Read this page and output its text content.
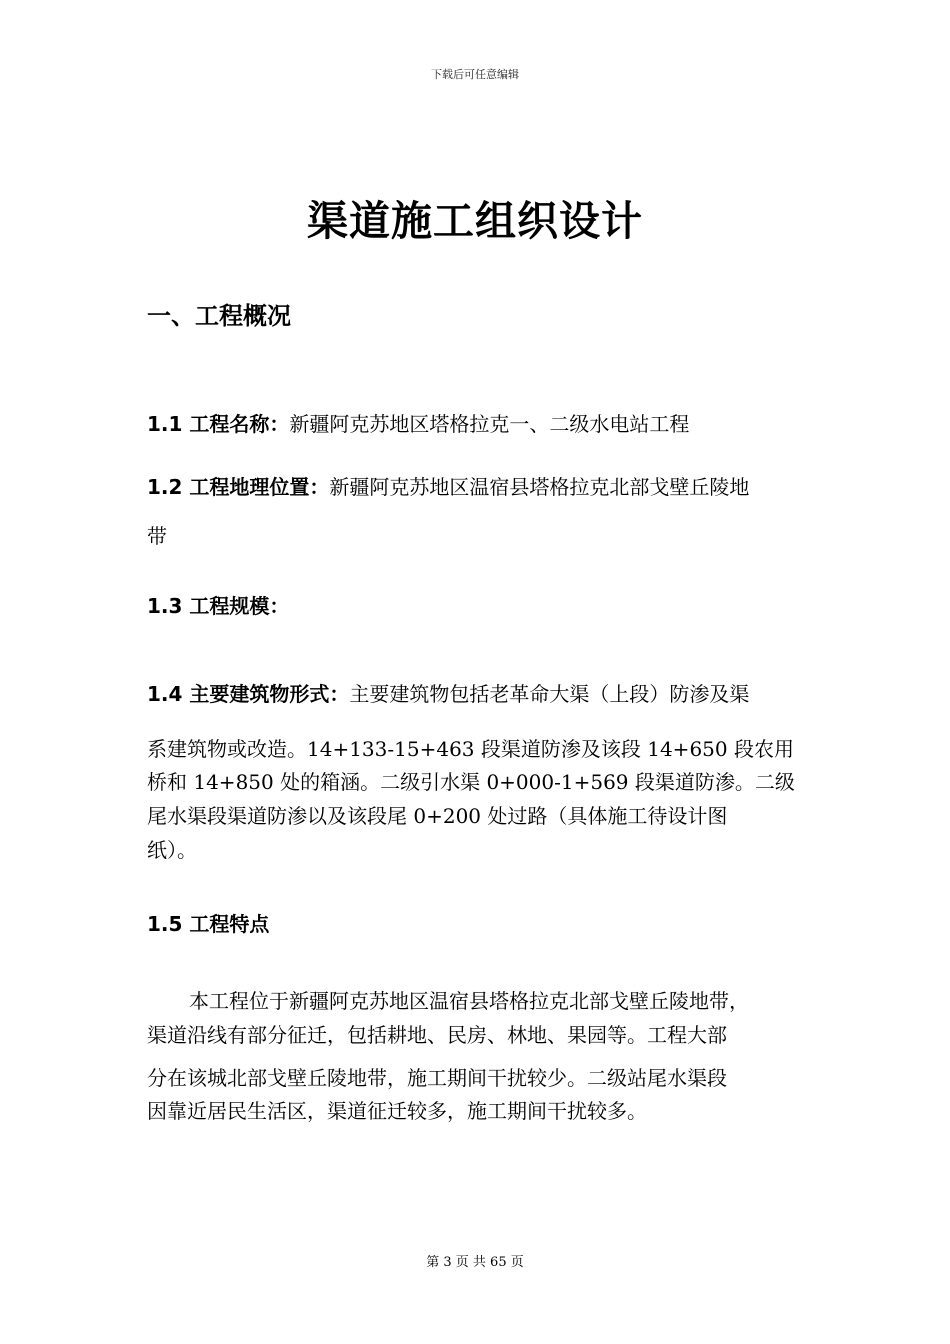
下载后可任意编辑
渠道施工组织设计
一、工程概况
1.1 工程名称：新疆阿克苏地区塔格拉克一、二级水电站工程
1.2 工程地理位置：新疆阿克苏地区温宿县塔格拉克北部戈壁丘陵地
带
1.3 工程规模：
1.4 主要建筑物形式：主要建筑物包括老革命大渠（上段）防渗及渠
系建筑物或改造。14+133-15+463 段渠道防渗及该段 14+650 段农用
桥和 14+850 处的箱涵。二级引水渠 0+000-1+569 段渠道防渗。二级
尾水渠段渠道防渗以及该段尾 0+200 处过路（具体施工待设计图
纸）。
1.5 工程特点
本工程位于新疆阿克苏地区温宿县塔格拉克北部戈壁丘陵地带，
渠道沿线有部分征迁，包括耕地、民房、林地、果园等。工程大部
分在该城北部戈壁丘陵地带，施工期间干扰较少。二级站尾水渠段
因靠近居民生活区，渠道征迁较多，施工期间干扰较多。
第 3 页 共 65 页
